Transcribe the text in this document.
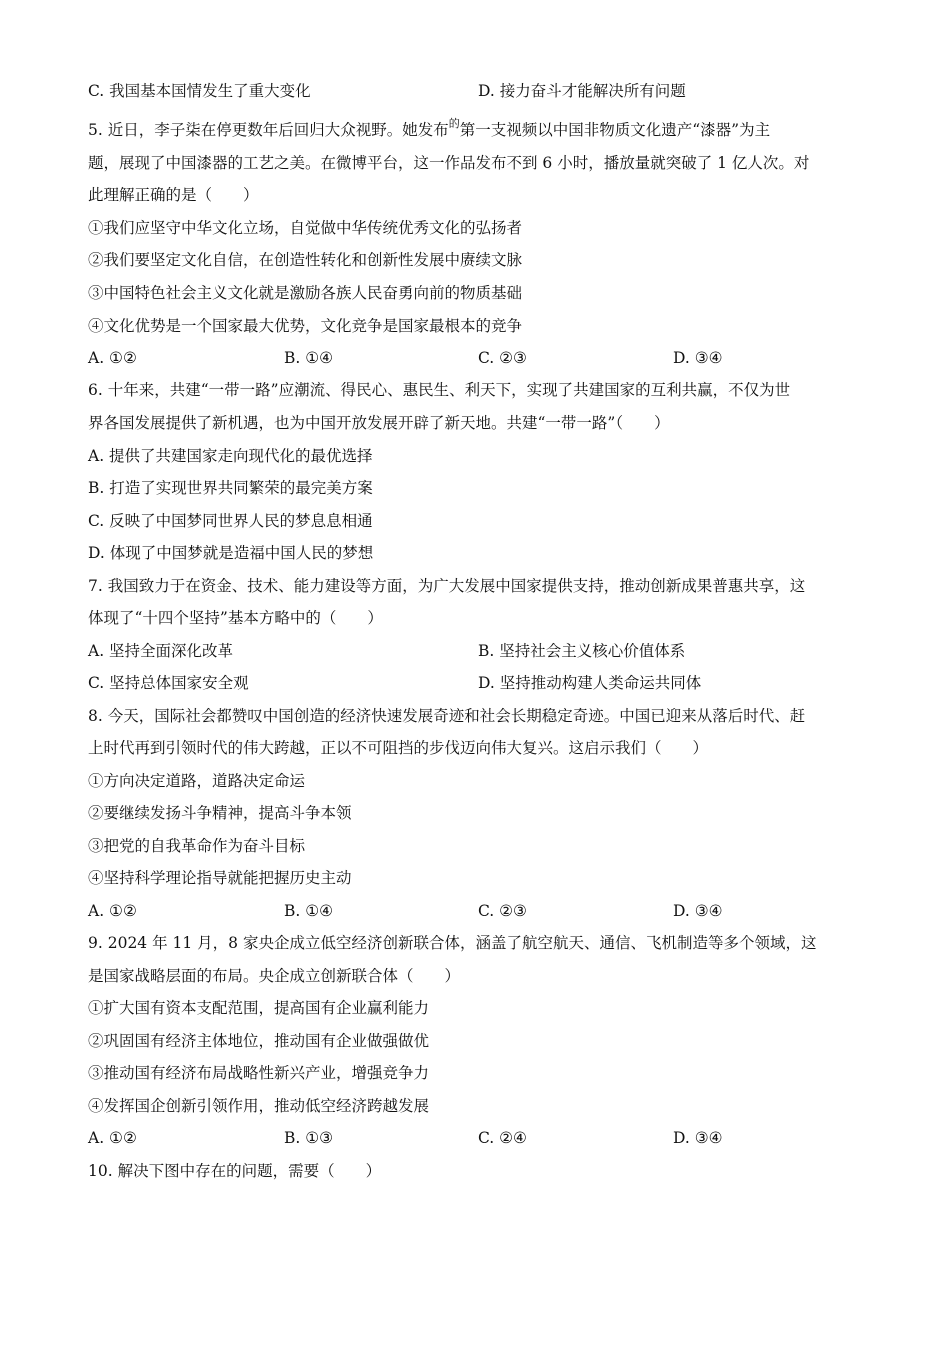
C. 我国基本国情发生了重大变化	D. 接力奋斗才能解决所有问题
5. 近日，李子柒在停更数年后回归大众视野。她发布$^的$第一支视频以中国非物质文化遗产“漆器”为主
题，展现了中国漆器的工艺之美。在微博平台，这一作品发布不到 6 小时，播放量就突破了 1 亿人次。对
此理解正确的是（　　）
①我们应坚守中华文化立场，自觉做中华传统优秀文化的弘扬者
②我们要坚定文化自信，在创造性转化和创新性发展中赓续文脉
③中国特色社会主义文化就是激励各族人民奋勇向前的物质基础
④文化优势是一个国家最大优势，文化竞争是国家最根本的竞争
A. ①②	B. ①④	C. ②③	D. ③④
6. 十年来，共建“一带一路”应潮流、得民心、惠民生、利天下，实现了共建国家的互利共赢，不仅为世
界各国发展提供了新机遇，也为中国开放发展开辟了新天地。共建“一带一路”（　　）
A. 提供了共建国家走向现代化的最优选择
B. 打造了实现世界共同繁荣的最完美方案
C. 反映了中国梦同世界人民的梦息息相通
D. 体现了中国梦就是造福中国人民的梦想
7. 我国致力于在资金、技术、能力建设等方面，为广大发展中国家提供支持，推动创新成果普惠共享，这
体现了“十四个坚持”基本方略中的（　　）
A. 坚持全面深化改革	B. 坚持社会主义核心价值体系
C. 坚持总体国家安全观	D. 坚持推动构建人类命运共同体
8. 今天，国际社会都赞叹中国创造的经济快速发展奇迹和社会长期稳定奇迹。中国已迎来从落后时代、赶
上时代再到引领时代的伟大跨越，正以不可阻挡的步伐迈向伟大复兴。这启示我们（　　）
①方向决定道路，道路决定命运
②要继续发扬斗争精神，提高斗争本领
③把党的自我革命作为奋斗目标
④坚持科学理论指导就能把握历史主动
A. ①②	B. ①④	C. ②③	D. ③④
9. 2024 年 11 月，8 家央企成立低空经济创新联合体，涵盖了航空航天、通信、飞机制造等多个领域，这
是国家战略层面的布局。央企成立创新联合体（　　）
①扩大国有资本支配范围，提高国有企业赢利能力
②巩固国有经济主体地位，推动国有企业做强做优
③推动国有经济布局战略性新兴产业，增强竞争力
④发挥国企创新引领作用，推动低空经济跨越发展
A. ①②	B. ①③	C. ②④	D. ③④
10. 解决下图中存在的问题，需要（　　）
